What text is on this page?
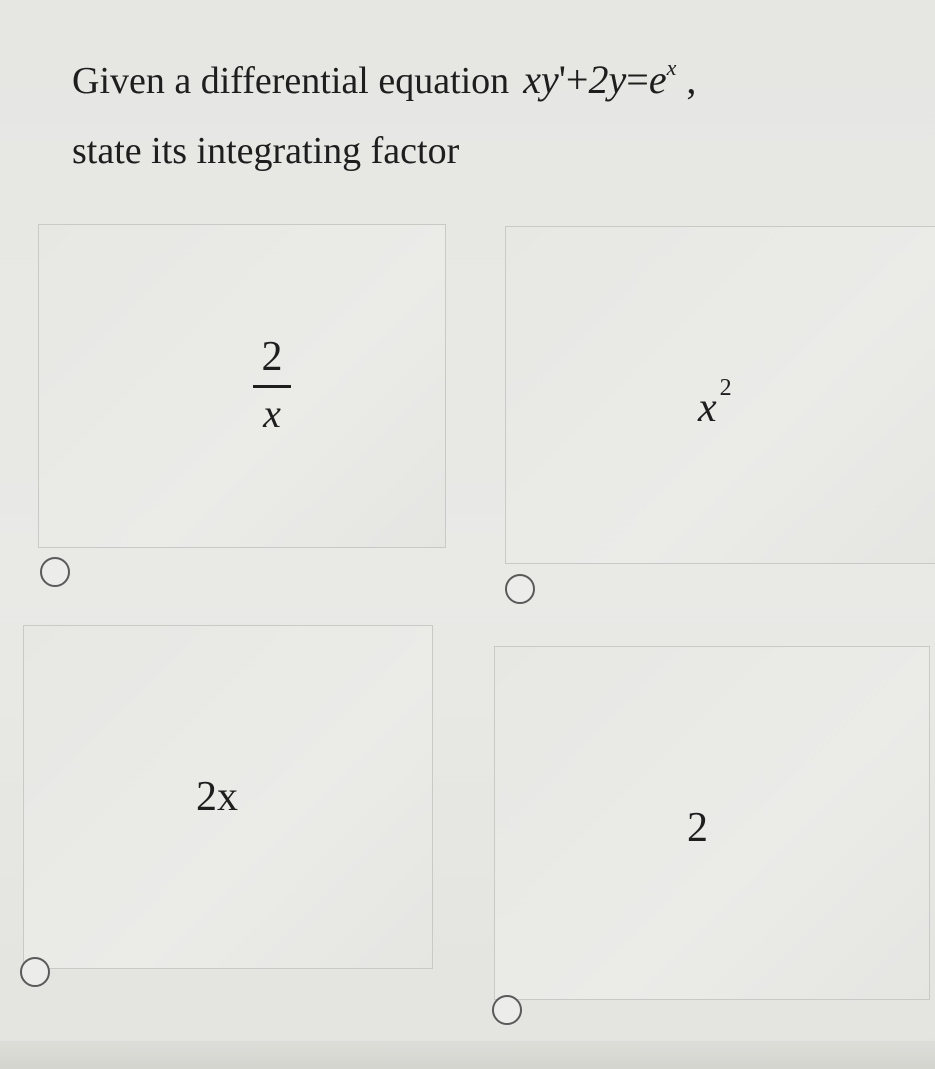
Given a differential equation $xy'+2y=e^x$ ,
state its integrating factor
2
x	x $^2$
2x
2
